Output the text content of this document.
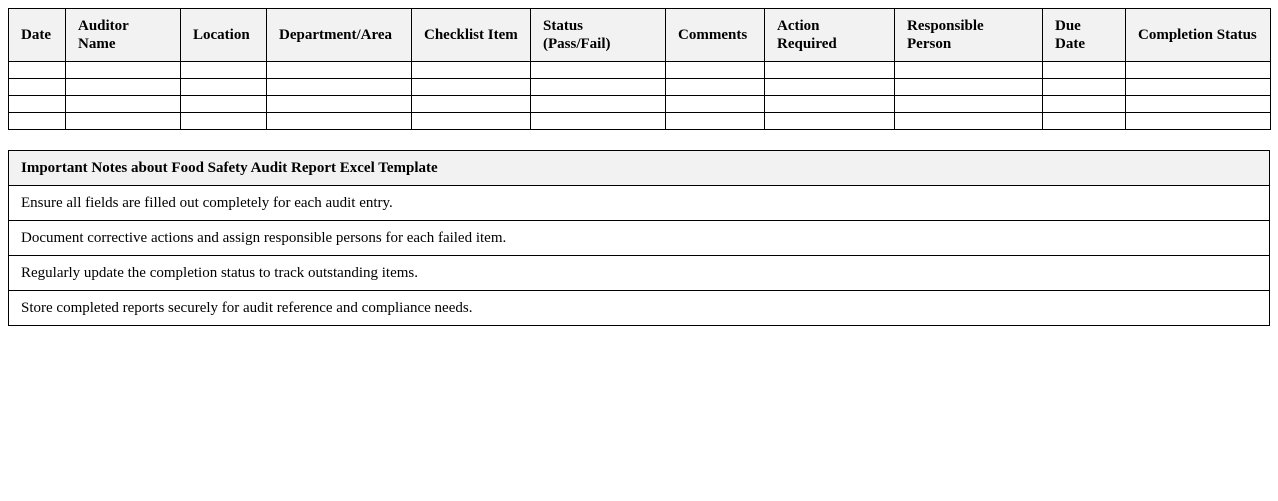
Date	Auditor Name	Location	Department/Area	Checklist Item	Status (Pass/Fail)	Comments	Action Required	Responsible Person	Due Date	Completion Status

Important Notes about Food Safety Audit Report Excel Template
Ensure all fields are filled out completely for each audit entry.
Document corrective actions and assign responsible persons for each failed item.
Regularly update the completion status to track outstanding items.
Store completed reports securely for audit reference and compliance needs.
